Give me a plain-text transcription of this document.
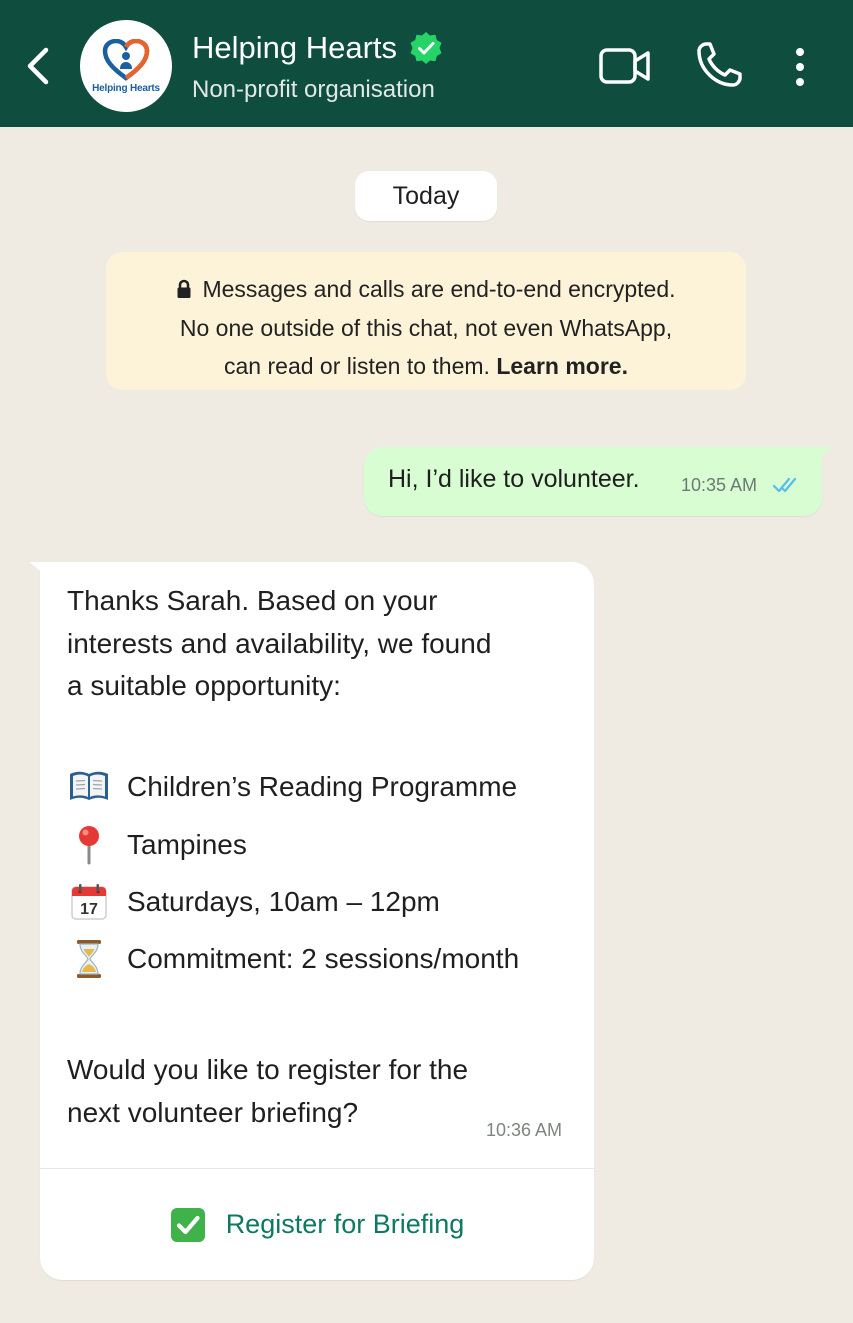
Helping Hearts
Helping Hearts
Non-profit organisation
Today
Messages and calls are end-to-end encrypted.
No one outside of this chat, not even WhatsApp,
can read or listen to them. Learn more.
Hi, I’d like to volunteer. 10:35 AM
Thanks Sarah. Based on your
interests and availability, we found
a suitable opportunity:
Children’s Reading Programme
Tampines
17 Saturdays, 10am – 12pm
Commitment: 2 sessions/month
Would you like to register for the
next volunteer briefing?
10:36 AM
Register for Briefing
